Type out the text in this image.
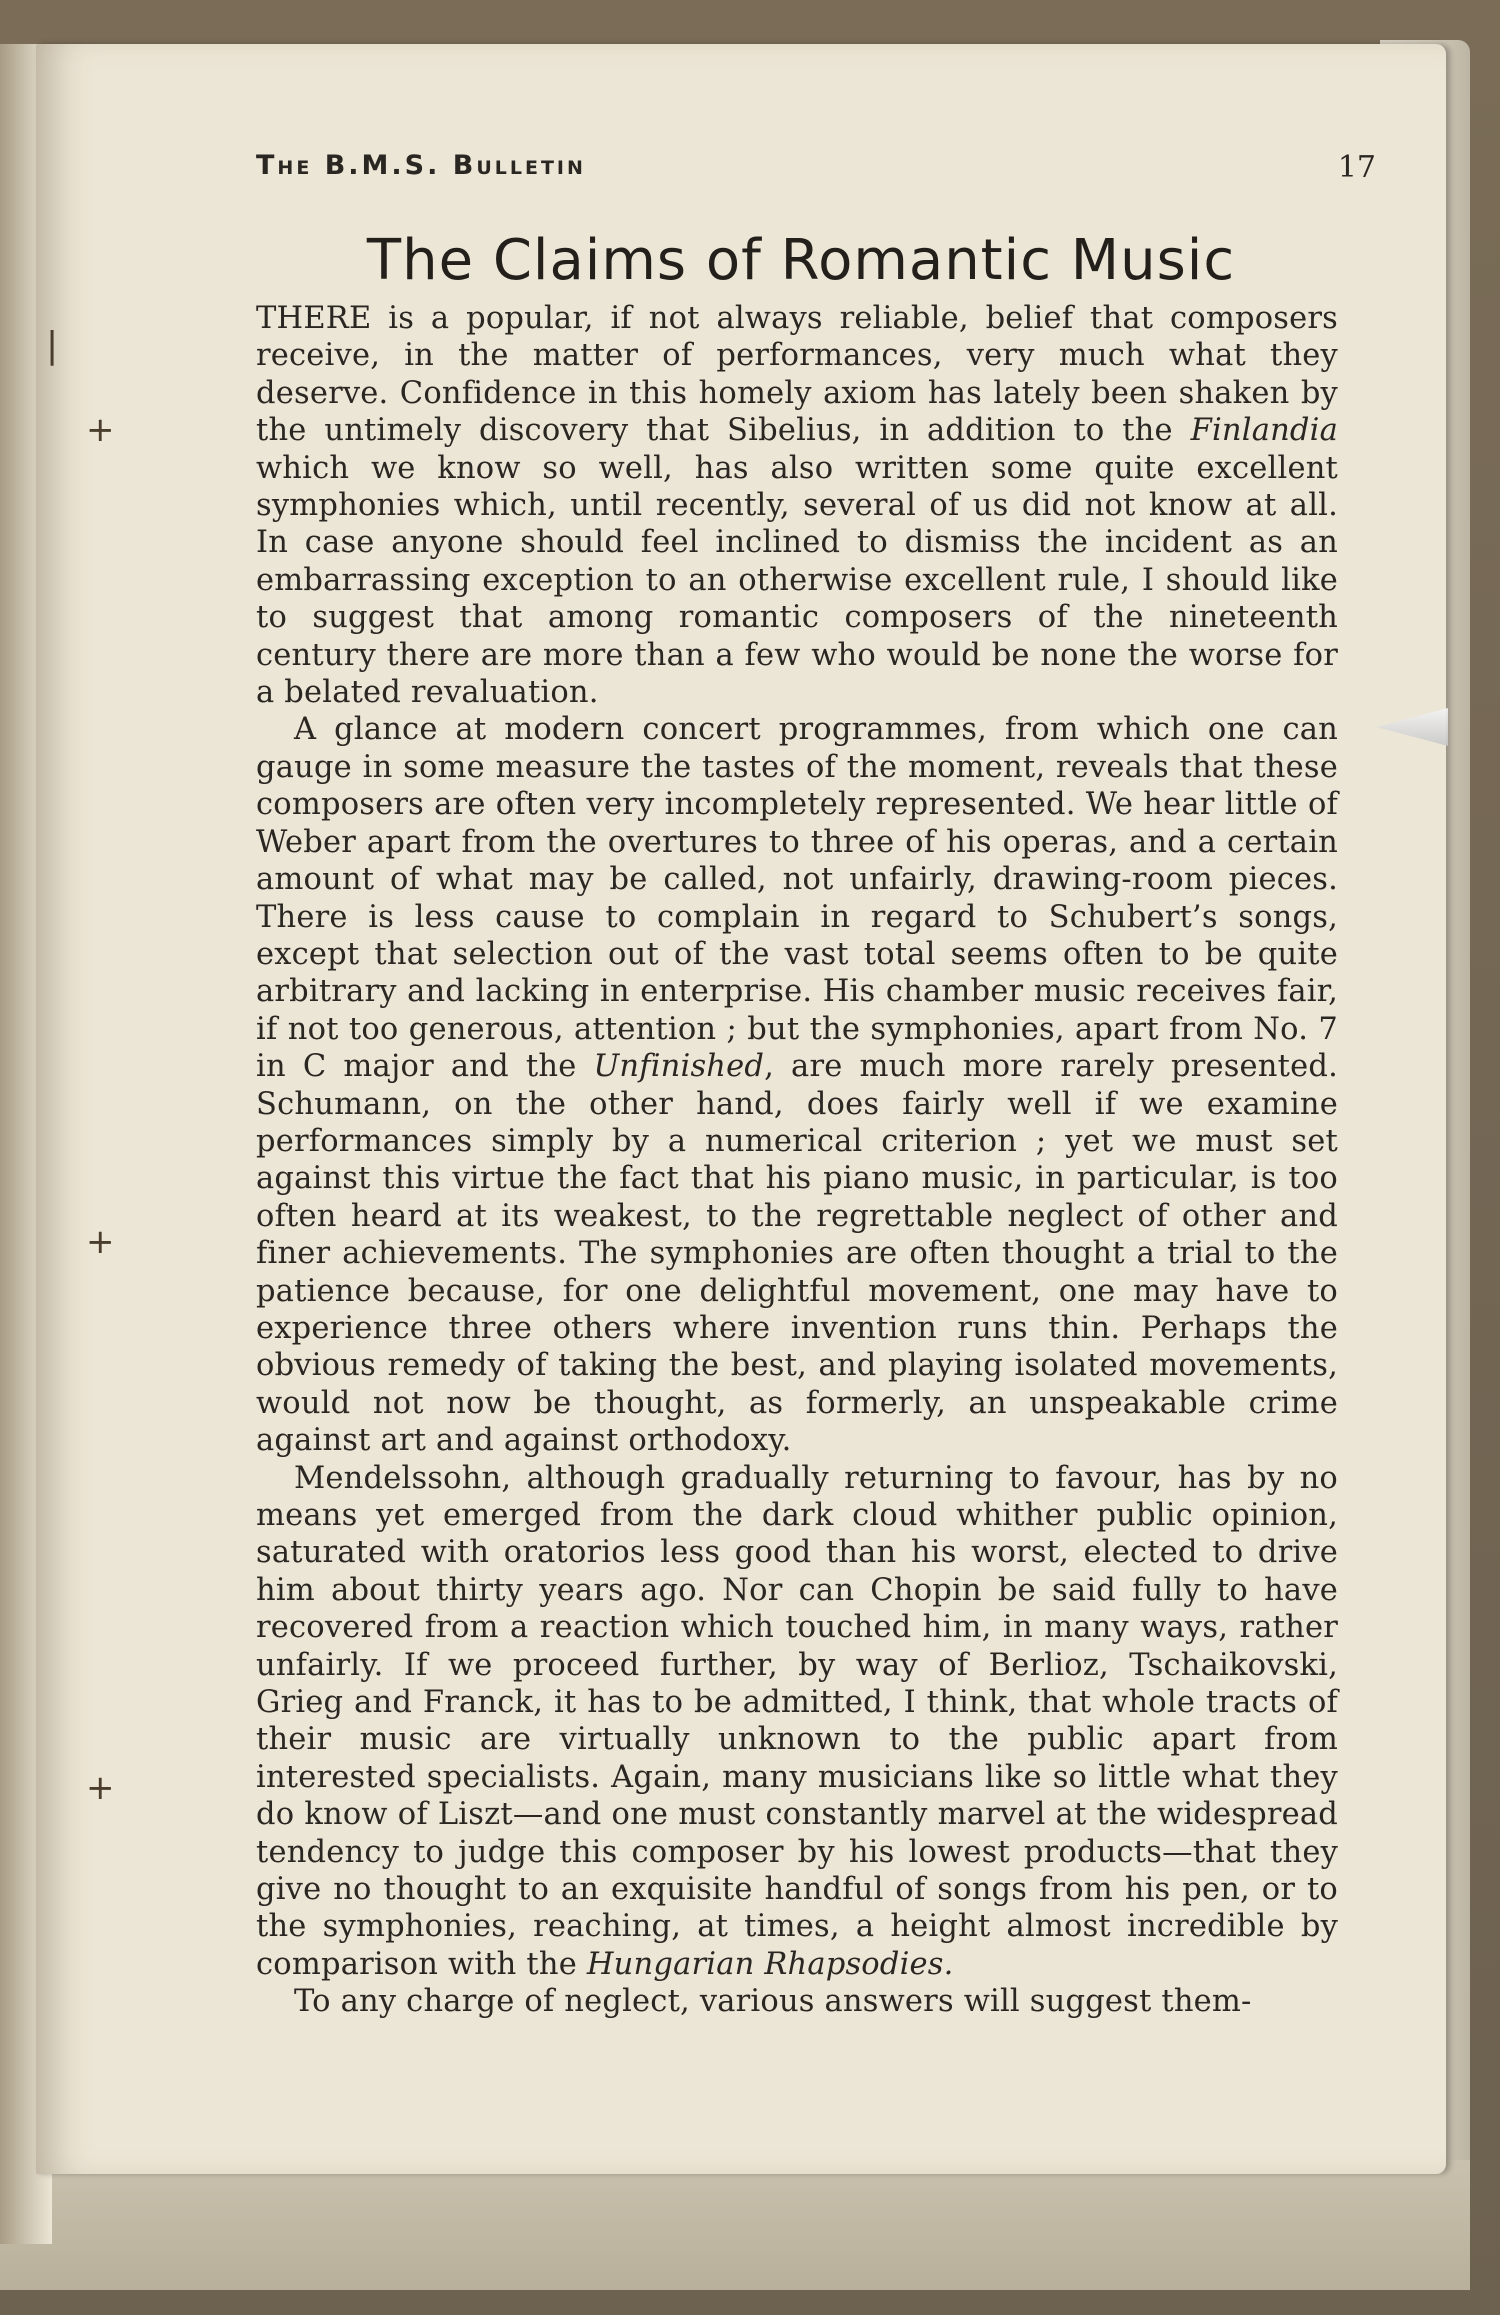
|
+
+
+
The B.M.S. Bulletin	17
The Claims of Romantic Music

THERE is a popular, if not always reliable, belief that composers receive, in the matter of performances, very much what they deserve. Confidence in this homely axiom has lately been shaken by the untimely discovery that Sibelius, in addition to the Finlandia which we know so well, has also written some quite excellent symphonies which, until recently, several of us did not know at all. In case anyone should feel inclined to dismiss the incident as an embarrassing exception to an otherwise excellent rule, I should like to suggest that among romantic composers of the nineteenth century there are more than a few who would be none the worse for a belated revaluation.

A glance at modern concert programmes, from which one can gauge in some measure the tastes of the moment, reveals that these composers are often very incompletely represented. We hear little of Weber apart from the overtures to three of his operas, and a certain amount of what may be called, not unfairly, drawing-room pieces. There is less cause to complain in regard to Schubert’s songs, except that selection out of the vast total seems often to be quite arbitrary and lacking in enterprise. His chamber music receives fair, if not too generous, attention ; but the symphonies, apart from No. 7 in C major and the Unfinished, are much more rarely presented. Schumann, on the other hand, does fairly well if we examine performances simply by a numerical criterion ; yet we must set against this virtue the fact that his piano music, in particular, is too often heard at its weakest, to the regrettable neglect of other and finer achievements. The symphonies are often thought a trial to the patience because, for one delightful movement, one may have to experience three others where invention runs thin. Perhaps the obvious remedy of taking the best, and playing isolated movements, would not now be thought, as formerly, an unspeakable crime against art and against orthodoxy.

Mendelssohn, although gradually returning to favour, has by no means yet emerged from the dark cloud whither public opinion, saturated with oratorios less good than his worst, elected to drive him about thirty years ago. Nor can Chopin be said fully to have recovered from a reaction which touched him, in many ways, rather unfairly. If we proceed further, by way of Berlioz, Tschaikovski, Grieg and Franck, it has to be admitted, I think, that whole tracts of their music are virtually unknown to the public apart from interested specialists. Again, many musicians like so little what they do know of Liszt—and one must constantly marvel at the widespread tendency to judge this composer by his lowest products—that they give no thought to an exquisite handful of songs from his pen, or to the symphonies, reaching, at times, a height almost incredible by comparison with the Hungarian Rhapsodies.

To any charge of neglect, various answers will suggest them-
